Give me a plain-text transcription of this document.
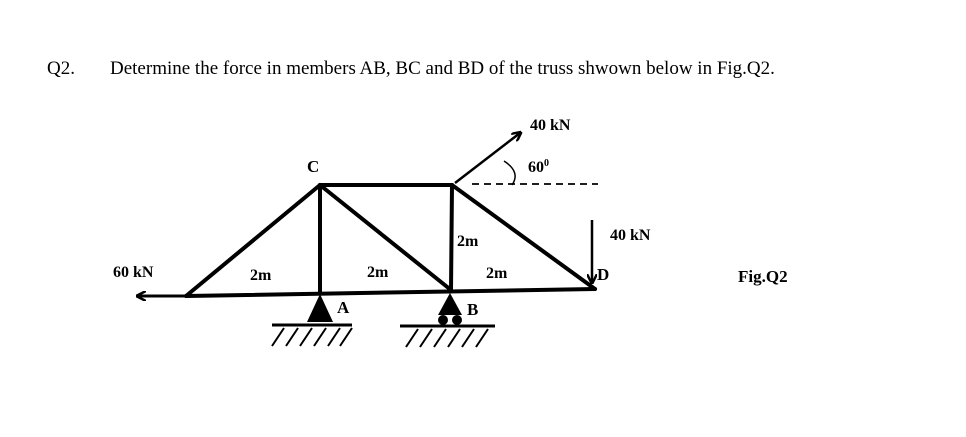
Q2. Determine the force in members AB, BC and BD of the truss shwown below in Fig.Q2.
60 kN
40 kN
$60^0$
40 kN
C
A	B
D
2m	2m	2m
2m
Fig.Q2
